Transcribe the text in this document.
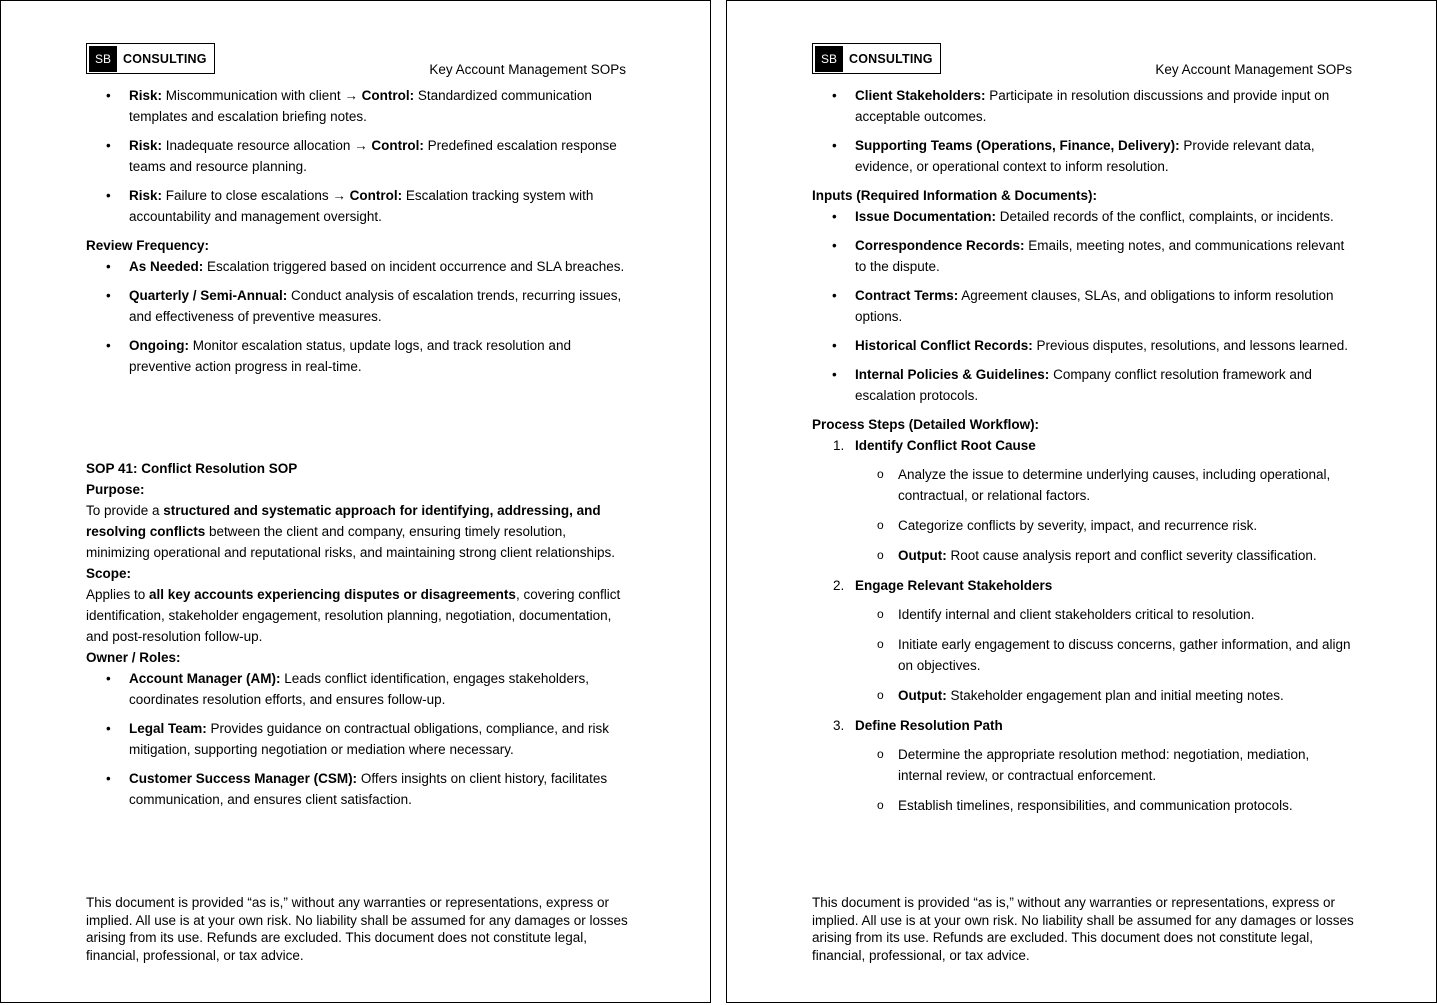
SB CONSULTING
Key Account Management SOPs
• Risk: Miscommunication with client → Control: Standardized communication templates and escalation briefing notes.
• Risk: Inadequate resource allocation → Control: Predefined escalation response teams and resource planning.
• Risk: Failure to close escalations → Control: Escalation tracking system with accountability and management oversight.

Review Frequency:

• As Needed: Escalation triggered based on incident occurrence and SLA breaches.
• Quarterly / Semi-Annual: Conduct analysis of escalation trends, recurring issues, and effectiveness of preventive measures.
• Ongoing: Monitor escalation status, update logs, and track resolution and preventive action progress in real-time.

SOP 41: Conflict Resolution SOP

Purpose:

To provide a structured and systematic approach for identifying, addressing, and resolving conflicts between the client and company, ensuring timely resolution, minimizing operational and reputational risks, and maintaining strong client relationships.

Scope:

Applies to all key accounts experiencing disputes or disagreements, covering conflict identification, stakeholder engagement, resolution planning, negotiation, documentation, and post-resolution follow-up.

Owner / Roles:

• Account Manager (AM): Leads conflict identification, engages stakeholders, coordinates resolution efforts, and ensures follow-up.
• Legal Team: Provides guidance on contractual obligations, compliance, and risk mitigation, supporting negotiation or mediation where necessary.
• Customer Success Manager (CSM): Offers insights on client history, facilitates communication, and ensures client satisfaction.
This document is provided “as is,” without any warranties or representations, express or implied. All use is at your own risk. No liability shall be assumed for any damages or losses arising from its use. Refunds are excluded. This document does not constitute legal, financial, professional, or tax advice.
SB CONSULTING
Key Account Management SOPs
• Client Stakeholders: Participate in resolution discussions and provide input on acceptable outcomes.
• Supporting Teams (Operations, Finance, Delivery): Provide relevant data, evidence, or operational context to inform resolution.

Inputs (Required Information & Documents):

• Issue Documentation: Detailed records of the conflict, complaints, or incidents.
• Correspondence Records: Emails, meeting notes, and communications relevant to the dispute.
• Contract Terms: Agreement clauses, SLAs, and obligations to inform resolution options.
• Historical Conflict Records: Previous disputes, resolutions, and lessons learned.
• Internal Policies & Guidelines: Company conflict resolution framework and escalation protocols.

Process Steps (Detailed Workflow):

1. Identify Conflict Root Cause
o Analyze the issue to determine underlying causes, including operational, contractual, or relational factors.
o Categorize conflicts by severity, impact, and recurrence risk.
o Output: Root cause analysis report and conflict severity classification.
2. Engage Relevant Stakeholders
o Identify internal and client stakeholders critical to resolution.
o Initiate early engagement to discuss concerns, gather information, and align on objectives.
o Output: Stakeholder engagement plan and initial meeting notes.
3. Define Resolution Path
o Determine the appropriate resolution method: negotiation, mediation, internal review, or contractual enforcement.
o Establish timelines, responsibilities, and communication protocols.
This document is provided “as is,” without any warranties or representations, express or implied. All use is at your own risk. No liability shall be assumed for any damages or losses arising from its use. Refunds are excluded. This document does not constitute legal, financial, professional, or tax advice.
